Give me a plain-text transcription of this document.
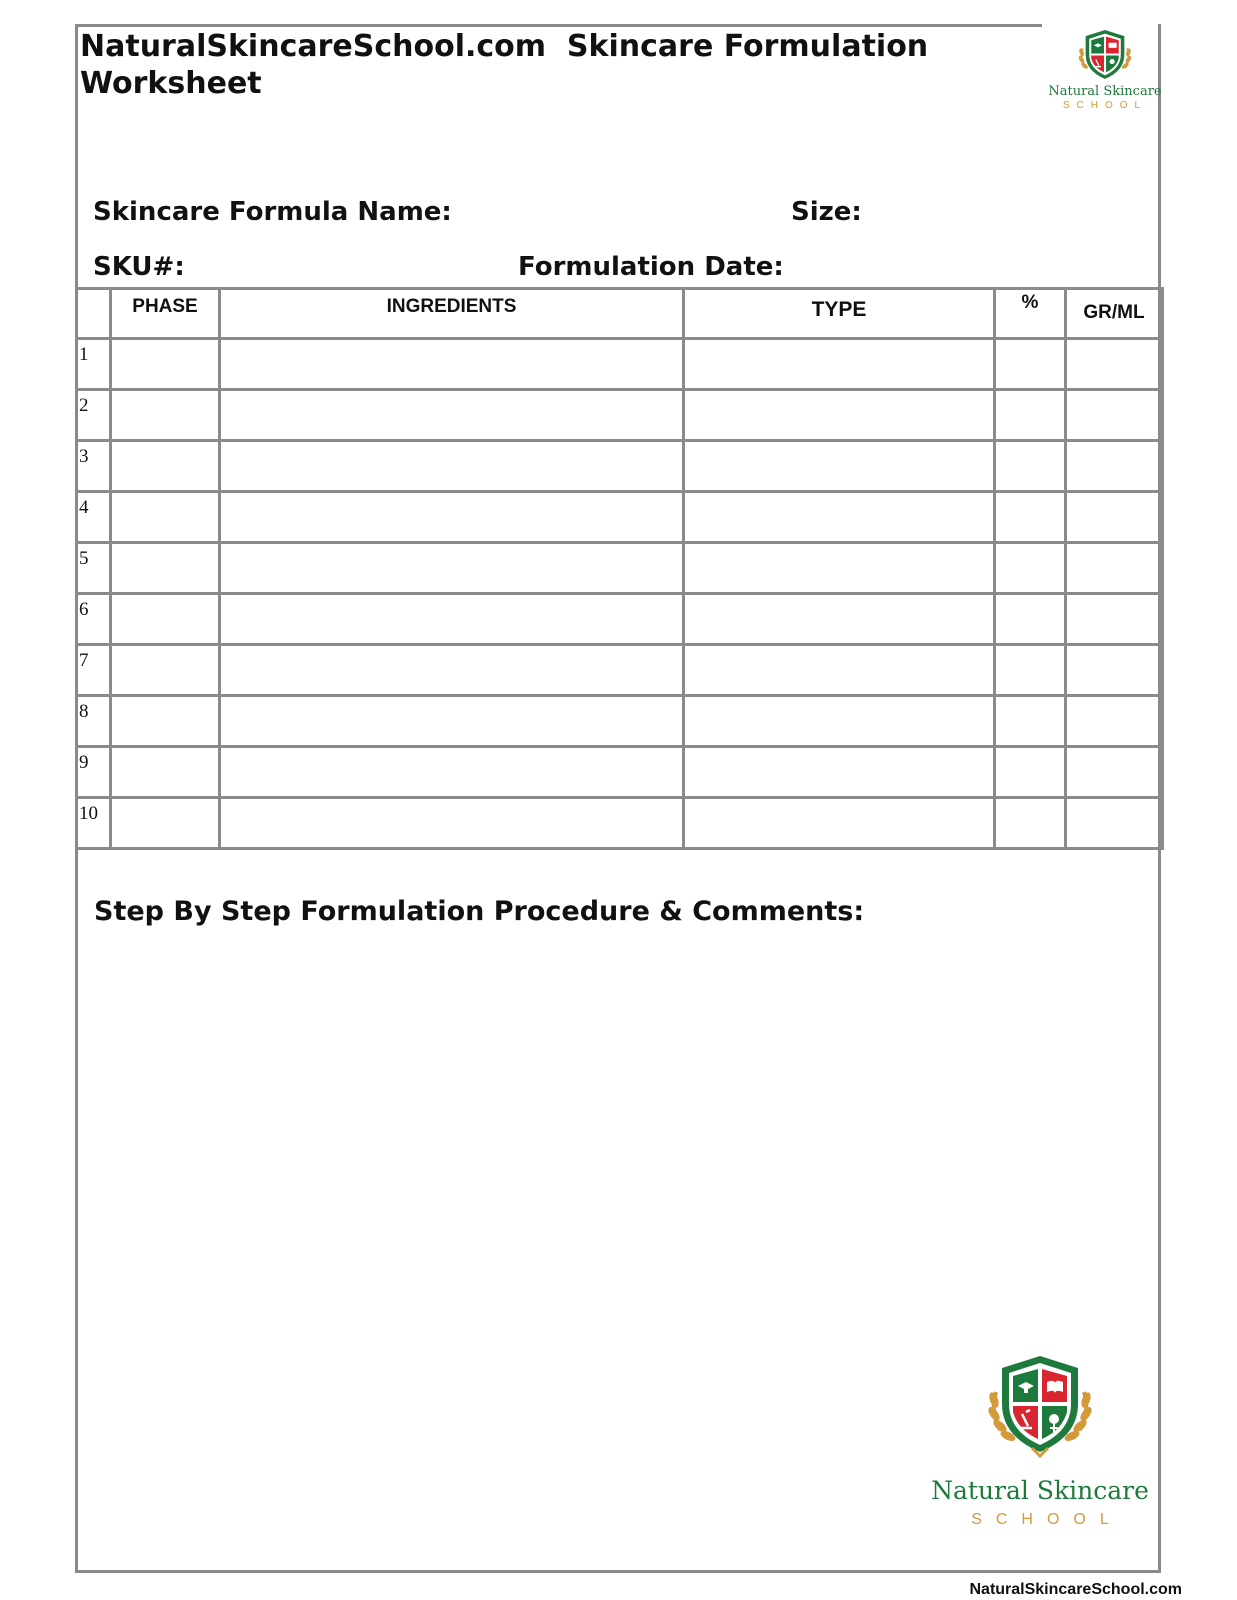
NaturalSkincareSchool.com  Skincare Formulation Worksheet	Natural Skincare
SCHOOL
Skincare Formula Name:	Size:
SKU#:	Formulation Date:
	PHASE	INGREDIENTS	TYPE	%	GR/ML
1					
2					
3					
4					
5					
6					
7					
8					
9					
10					
Step By Step Formulation Procedure & Comments:
Natural Skincare
SCHOOL
NaturalSkincareSchool.com
